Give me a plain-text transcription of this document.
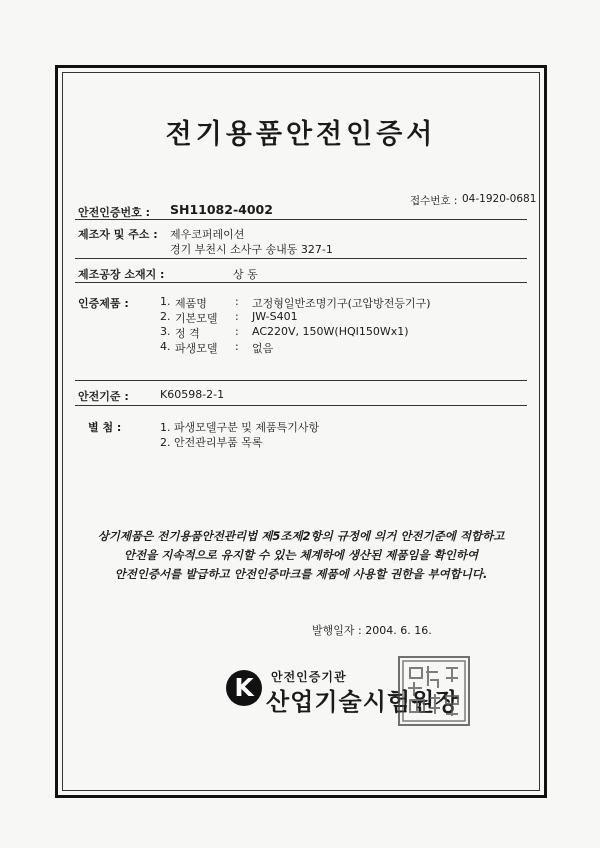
전기용품안전인증서
안전인증번호 : SH11082-4002
접수번호 : 04-1920-0681
제조자 및 주소 : 제우코퍼레이션
경기 부천시 소사구 송내동 327-1
제조공장 소재지 :	상 동
인증제품 :	1. 제품명	: 고정형일반조명기구(고압방전등기구)
2. 기본모델 : JW-S401
3. 정 격	: AC220V, 150W(HQI150Wx1)
4. 파생모델 : 없음
안전기준 :	K60598-2-1
별 첨 :	1. 파생모델구분 및 제품특기사항
2. 안전관리부품 목록
상기제품은 전기용품안전관리법 제5조제2항의 규정에 의거 안전기준에 적합하고
안전을 지속적으로 유지할 수 있는 체계하에 생산된 제품임을 확인하여
안전인증서를 발급하고 안전인증마크를 제품에 사용할 권한을 부여합니다.
발행일자 : 2004. 6. 16.
K	안전인증기관
산업기술시험원장
